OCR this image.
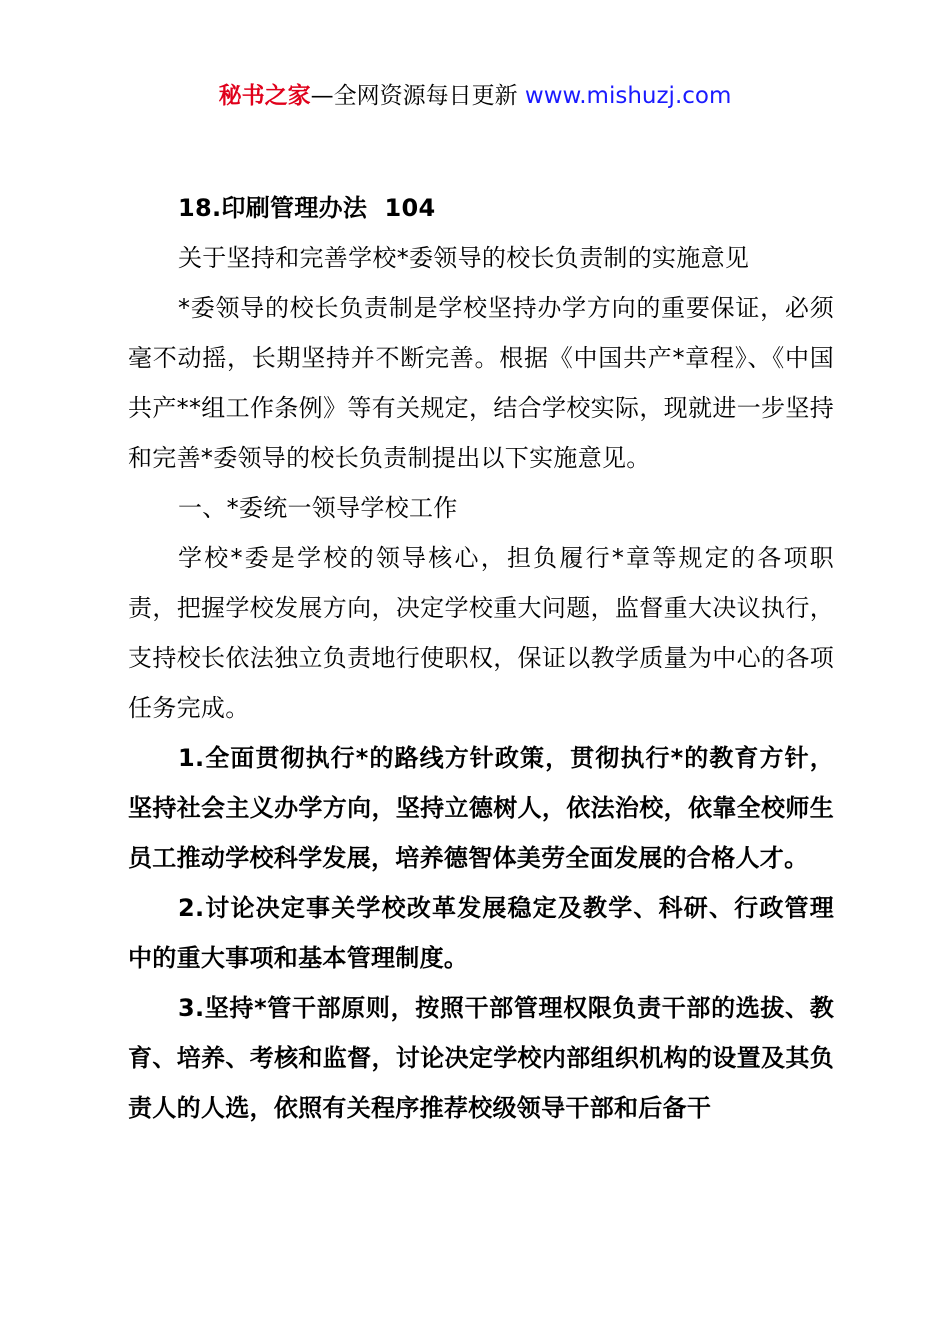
秘书之家—全网资源每日更新 www.mishuzj.com

18.印刷管理办法  104

关于坚持和完善学校*委领导的校长负责制的实施意见

*委领导的校长负责制是学校坚持办学方向的重要保证，必须毫不动摇，长期坚持并不断完善。根据《中国共产*章程》、《中国共产**组工作条例》等有关规定，结合学校实际，现就进一步坚持和完善*委领导的校长负责制提出以下实施意见。

一、*委统一领导学校工作

学校*委是学校的领导核心，担负履行*章等规定的各项职责，把握学校发展方向，决定学校重大问题，监督重大决议执行，支持校长依法独立负责地行使职权，保证以教学质量为中心的各项任务完成。

1.全面贯彻执行*的路线方针政策，贯彻执行*的教育方针，坚持社会主义办学方向，坚持立德树人，依法治校，依靠全校师生员工推动学校科学发展，培养德智体美劳全面发展的合格人才。

2.讨论决定事关学校改革发展稳定及教学、科研、行政管理中的重大事项和基本管理制度。

3.坚持*管干部原则，按照干部管理权限负责干部的选拔、教育、培养、考核和监督，讨论决定学校内部组织机构的设置及其负责人的人选，依照有关程序推荐校级领导干部和后备干
